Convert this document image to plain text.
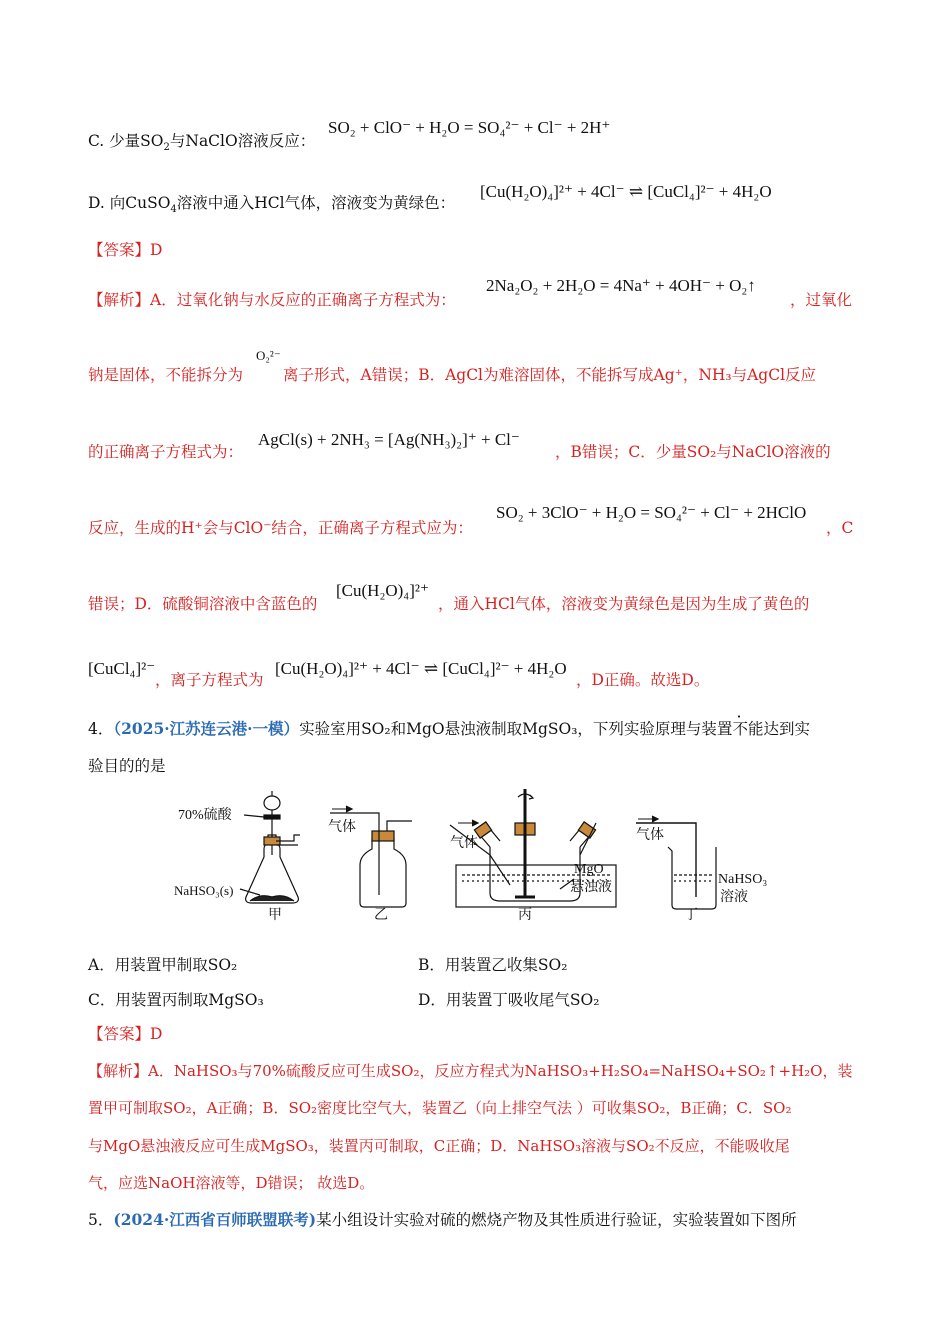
C. 少量$SO_2$与NaClO溶液反应：
SO₂ + ClO⁻ + H₂O = SO₄²⁻ + Cl⁻ + 2H⁺
D. 向CuSO$_4$溶液中通入HCl气体，溶液变为黄绿色：
[Cu(H₂O)₄]²⁺ + 4Cl⁻ ⇌ [CuCl₄]²⁻ + 4H₂O
【答案】D
【解析】A．过氧化钠与水反应的正确离子方程式为：
2Na₂O₂ + 2H₂O = 4Na⁺ + 4OH⁻ + O₂↑
，过氧化
钠是固体，不能拆分为
O₂²⁻
离子形式，A错误；B．AgCl为难溶固体，不能拆写成Ag⁺，NH₃与AgCl反应
的正确离子方程式为：
AgCl(s) + 2NH₃ = [Ag(NH₃)₂]⁺ + Cl⁻
，B错误；C．少量SO₂与NaClO溶液的
反应，生成的H⁺会与ClO⁻结合，正确离子方程式应为：
SO₂ + 3ClO⁻ + H₂O = SO₄²⁻ + Cl⁻ + 2HClO
，C
错误；D．硫酸铜溶液中含蓝色的
[Cu(H₂O)₄]²⁺
，通入HCl气体，溶液变为黄绿色是因为生成了黄色的
[CuCl₄]²⁻
，离子方程式为
[Cu(H₂O)₄]²⁺ + 4Cl⁻ ⇌ [CuCl₄]²⁻ + 4H₂O
，D正确。故选D。
4．（2025·江苏连云港·一模）实验室用SO₂和MgO悬浊液制取MgSO₃，下列实验原理与装置不能达到实
验目的的是
70%硫酸
NaHSO₃(s)
甲
气体
乙
气体
MgO
悬浊液
丙
气体
NaHSO₃
溶液
丁
A．用装置甲制取SO₂	B．用装置乙收集SO₂
C．用装置丙制取MgSO₃	D．用装置丁吸收尾气SO₂
【答案】D
【解析】A．NaHSO₃与70%硫酸反应可生成SO₂，反应方程式为NaHSO₃+H₂SO₄=NaHSO₄+SO₂↑+H₂O，装
置甲可制取SO₂，A正确；B．SO₂密度比空气大，装置乙（向上排空气法 ）可收集SO₂，B正确；C．SO₂
与MgO悬浊液反应可生成MgSO₃，装置丙可制取，C正确；D．NaHSO₃溶液与SO₂不反应，不能吸收尾
气，应选NaOH溶液等，D错误； 故选D。
5．(2024·江西省百师联盟联考)某小组设计实验对硫的燃烧产物及其性质进行验证，实验装置如下图所
